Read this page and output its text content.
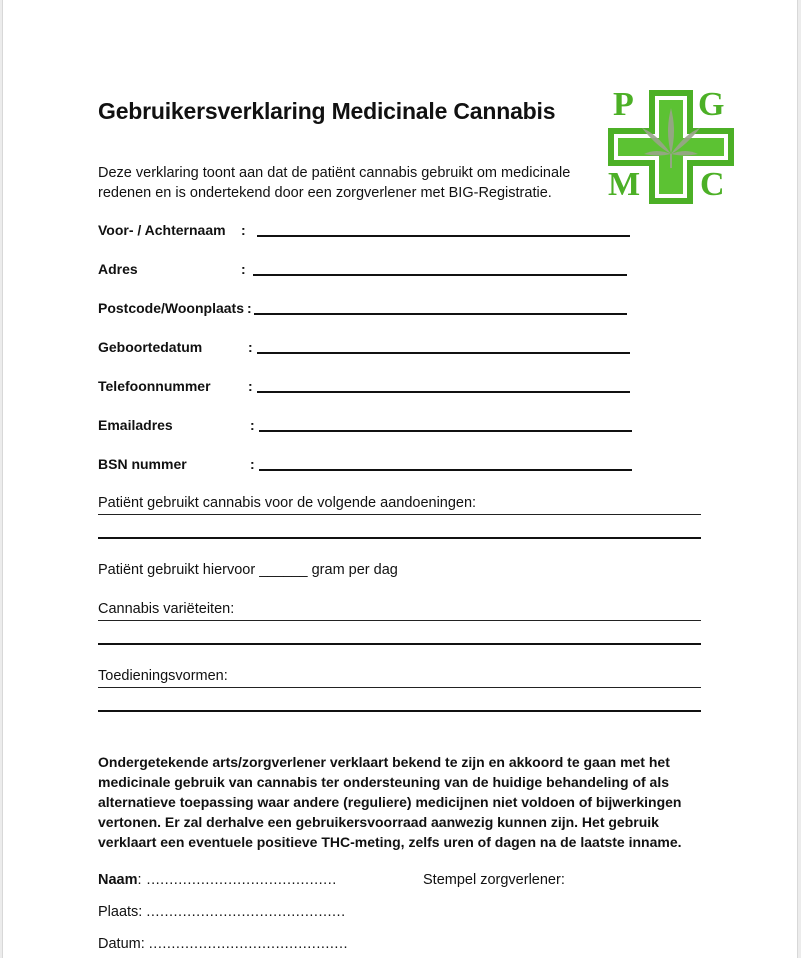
Gebruikersverklaring Medicinale Cannabis
Deze verklaring toont aan dat de patiënt cannabis gebruikt om medicinale
redenen en is ondertekend door een zorgverlener met BIG-Registratie.
P G
M C
Voor- / Achternaam :
Adres	:
Postcode/Woonplaats :
Geboortedatum	:
Telefoonnummer	:
Emailadres	:
BSN nummer	:
Patiënt gebruikt cannabis voor de volgende aandoeningen:
Patiënt gebruikt hiervoor ______ gram per dag
Cannabis variëteiten:
Toedieningsvormen:
Ondergetekende arts/zorgverlener verklaart bekend te zijn en akkoord te gaan met het medicinale gebruik van cannabis ter ondersteuning van de huidige behandeling of als alternatieve toepassing waar andere (reguliere) medicijnen niet voldoen of bijwerkingen vertonen. Er zal derhalve een gebruikersvoorraad aanwezig kunnen zijn. Het gebruik verklaart een eventuele positieve THC-meting, zelfs uren of dagen na de laatste inname.
Naam: ..........................................	Stempel zorgverlener:
Plaats: ............................................
Datum: ............................................
